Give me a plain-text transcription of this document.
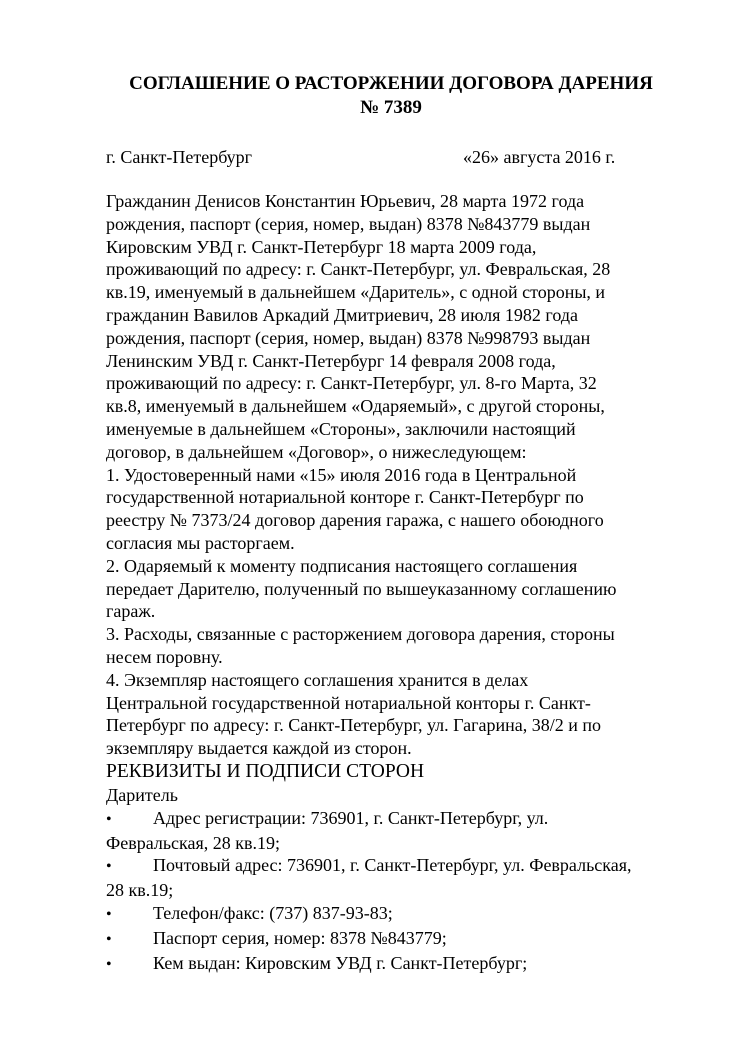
СОГЛАШЕНИЕ О РАСТОРЖЕНИИ ДОГОВОРА ДАРЕНИЯ
№ 7389
г. Санкт-Петербург	«26» августа 2016 г.
Гражданин Денисов Константин Юрьевич, 28 марта 1972 года
рождения, паспорт (серия, номер, выдан) 8378 №843779 выдан
Кировским УВД г. Санкт-Петербург 18 марта 2009 года,
проживающий по адресу: г. Санкт-Петербург, ул. Февральская, 28
кв.19, именуемый в дальнейшем «Даритель», с одной стороны, и
гражданин Вавилов Аркадий Дмитриевич, 28 июля 1982 года
рождения, паспорт (серия, номер, выдан) 8378 №998793 выдан
Ленинским УВД г. Санкт-Петербург 14 февраля 2008 года,
проживающий по адресу: г. Санкт-Петербург, ул. 8-го Марта, 32
кв.8, именуемый в дальнейшем «Одаряемый», с другой стороны,
именуемые в дальнейшем «Стороны», заключили настоящий
договор, в дальнейшем «Договор», о нижеследующем:
1. Удостоверенный нами «15» июля 2016 года в Центральной
государственной нотариальной конторе г. Санкт-Петербург по
реестру № 7373/24 договор дарения гаража, с нашего обоюдного
согласия мы расторгаем.
2. Одаряемый к моменту подписания настоящего соглашения
передает Дарителю, полученный по вышеуказанному соглашению
гараж.
3. Расходы, связанные с расторжением договора дарения, стороны
несем поровну.
4. Экземпляр настоящего соглашения хранится в делах
Центральной государственной нотариальной конторы г. Санкт-
Петербург по адресу: г. Санкт-Петербург, ул. Гагарина, 38/2 и по
экземпляру выдается каждой из сторон.
РЕКВИЗИТЫ И ПОДПИСИ СТОРОН
Даритель
• Адрес регистрации: 736901, г. Санкт-Петербург, ул.
Февральская, 28 кв.19;
• Почтовый адрес: 736901, г. Санкт-Петербург, ул. Февральская,
28 кв.19;
• Телефон/факс: (737) 837-93-83;
• Паспорт серия, номер: 8378 №843779;
• Кем выдан: Кировским УВД г. Санкт-Петербург;
